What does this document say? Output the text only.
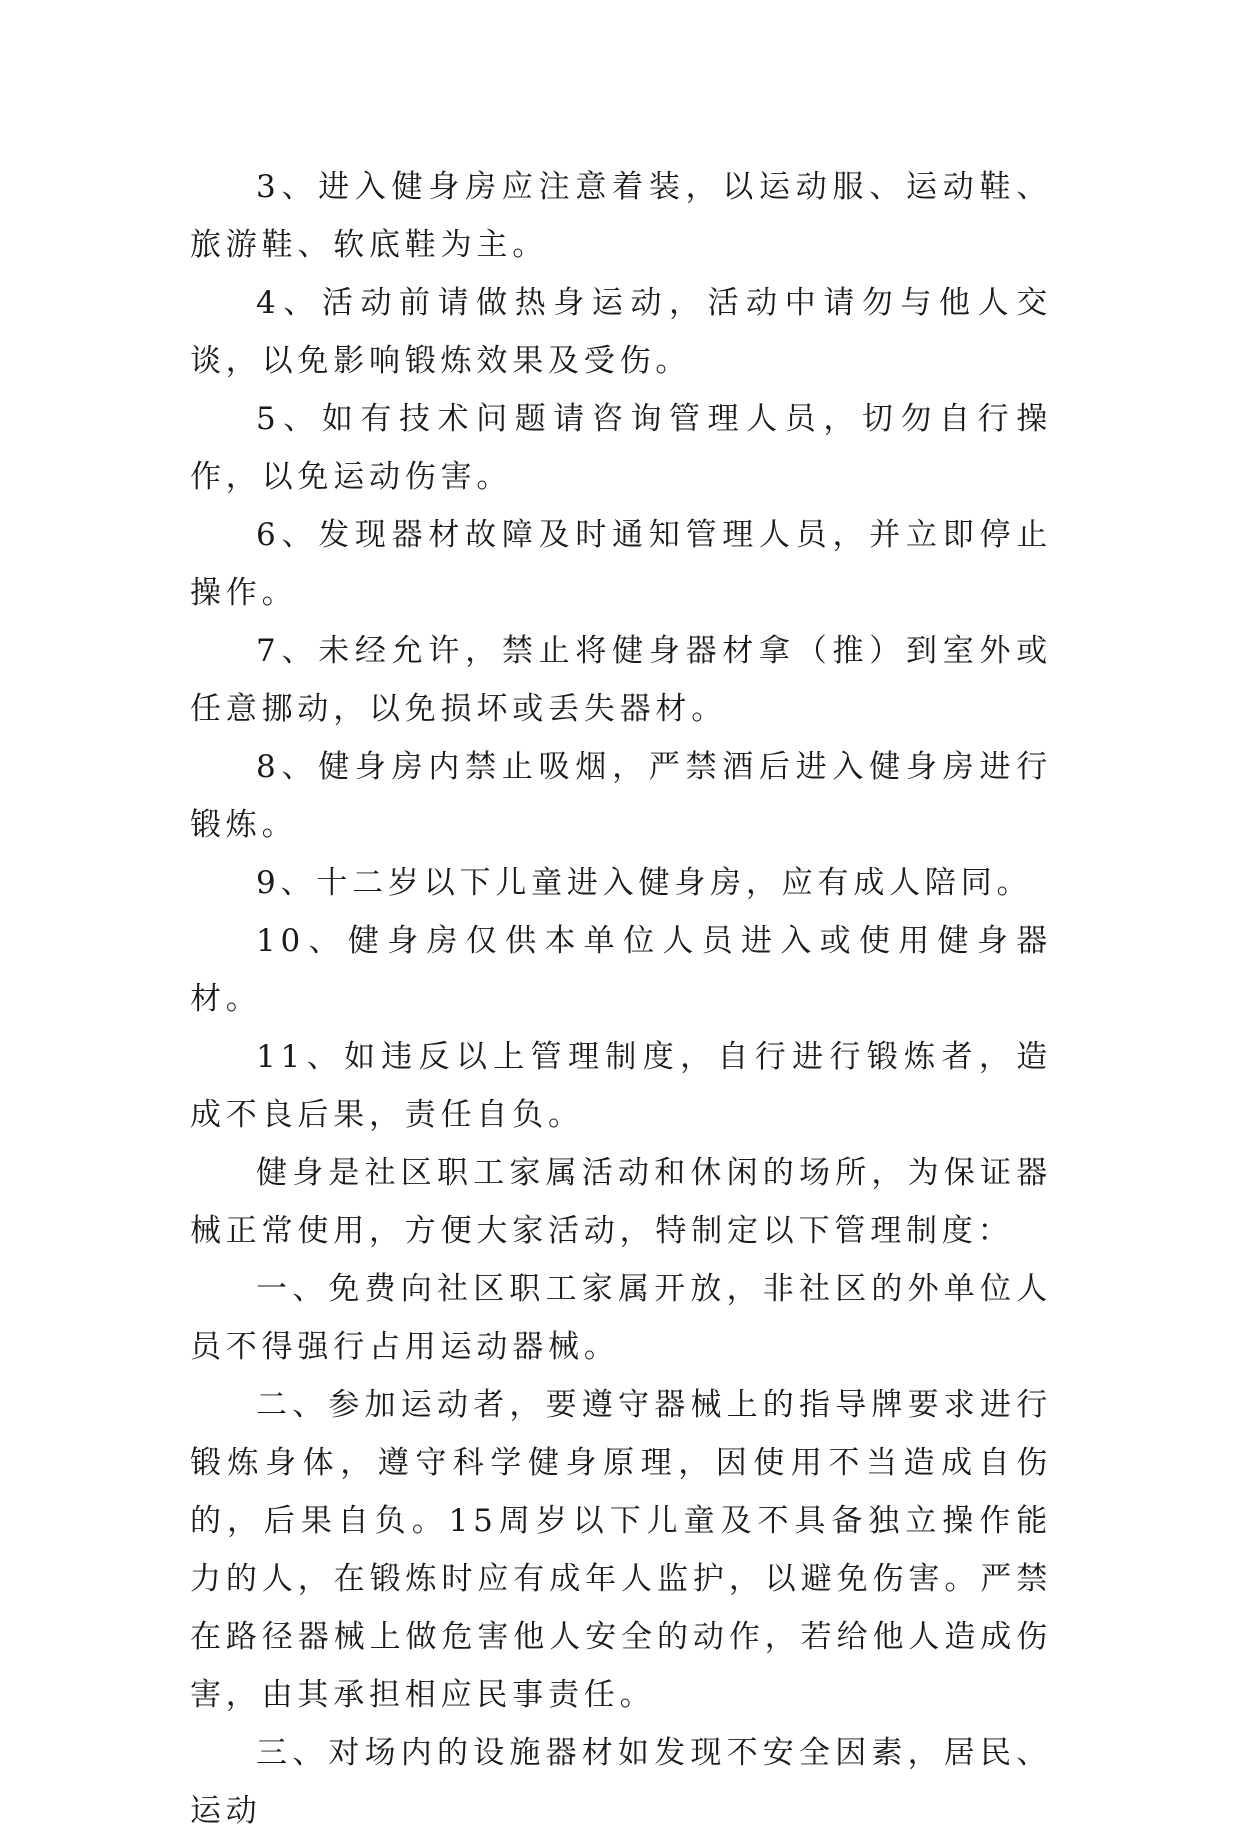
3、进入健身房应注意着装，以运动服、运动鞋、旅游鞋、软底鞋为主。

4、活动前请做热身运动，活动中请勿与他人交谈，以免影响锻炼效果及受伤。

5、如有技术问题请咨询管理人员，切勿自行操作，以免运动伤害。

6、发现器材故障及时通知管理人员，并立即停止操作。

7、未经允许，禁止将健身器材拿（推）到室外或任意挪动，以免损坏或丢失器材。

8、健身房内禁止吸烟，严禁酒后进入健身房进行锻炼。

9、十二岁以下儿童进入健身房，应有成人陪同。

10、健身房仅供本单位人员进入或使用健身器材。

11、如违反以上管理制度，自行进行锻炼者，造成不良后果，责任自负。

健身是社区职工家属活动和休闲的场所，为保证器械正常使用，方便大家活动，特制定以下管理制度：

一、免费向社区职工家属开放，非社区的外单位人员不得强行占用运动器械。

二、参加运动者，要遵守器械上的指导牌要求进行锻炼身体，遵守科学健身原理，因使用不当造成自伤的，后果自负。15周岁以下儿童及不具备独立操作能力的人，在锻炼时应有成年人监护，以避免伤害。严禁在路径器械上做危害他人安全的动作，若给他人造成伤害，由其承担相应民事责任。

三、对场内的设施器材如发现不安全因素，居民、运动
